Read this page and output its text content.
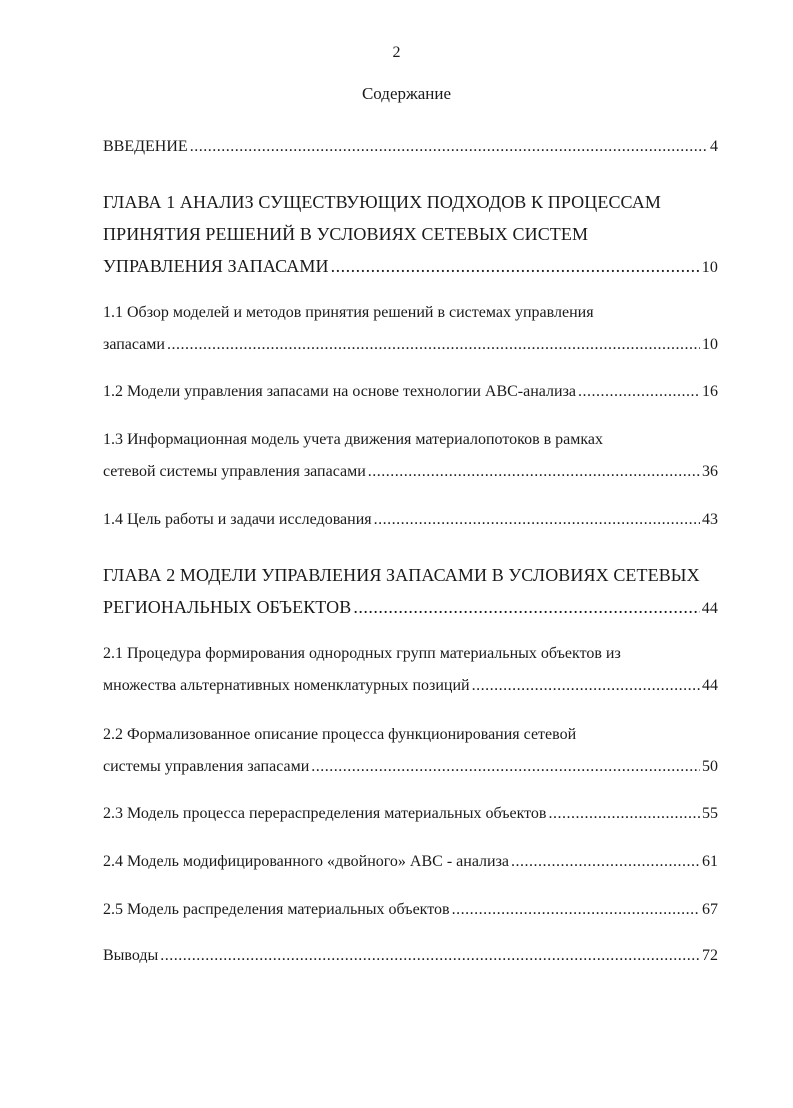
2
Содержание
ВВЕДЕНИЕ .....	4
ГЛАВА 1 АНАЛИЗ СУЩЕСТВУЮЩИХ ПОДХОДОВ К ПРОЦЕССАМ
ПРИНЯТИЯ РЕШЕНИЙ В УСЛОВИЯХ СЕТЕВЫХ СИСТЕМ
УПРАВЛЕНИЯ ЗАПАСАМИ .....	10
1.1 Обзор моделей и методов принятия решений в системах управления
запасами .....	10
1.2 Модели управления запасами на основе технологии АВС-анализа .....	16
1.3 Информационная модель учета движения материалопотоков в рамках
сетевой системы управления запасами .....	36
1.4 Цель работы и задачи исследования .....	43
ГЛАВА 2 МОДЕЛИ УПРАВЛЕНИЯ ЗАПАСАМИ В УСЛОВИЯХ СЕТЕВЫХ
РЕГИОНАЛЬНЫХ ОБЪЕКТОВ .....	44
2.1 Процедура формирования однородных групп материальных объектов из
множества альтернативных номенклатурных позиций .....	44
2.2 Формализованное описание процесса функционирования сетевой
системы управления запасами .....	50
2.3 Модель процесса перераспределения материальных объектов .....	55
2.4 Модель модифицированного «двойного» АВС - анализа .....	61
2.5 Модель распределения материальных объектов .....	67
Выводы .....	72
